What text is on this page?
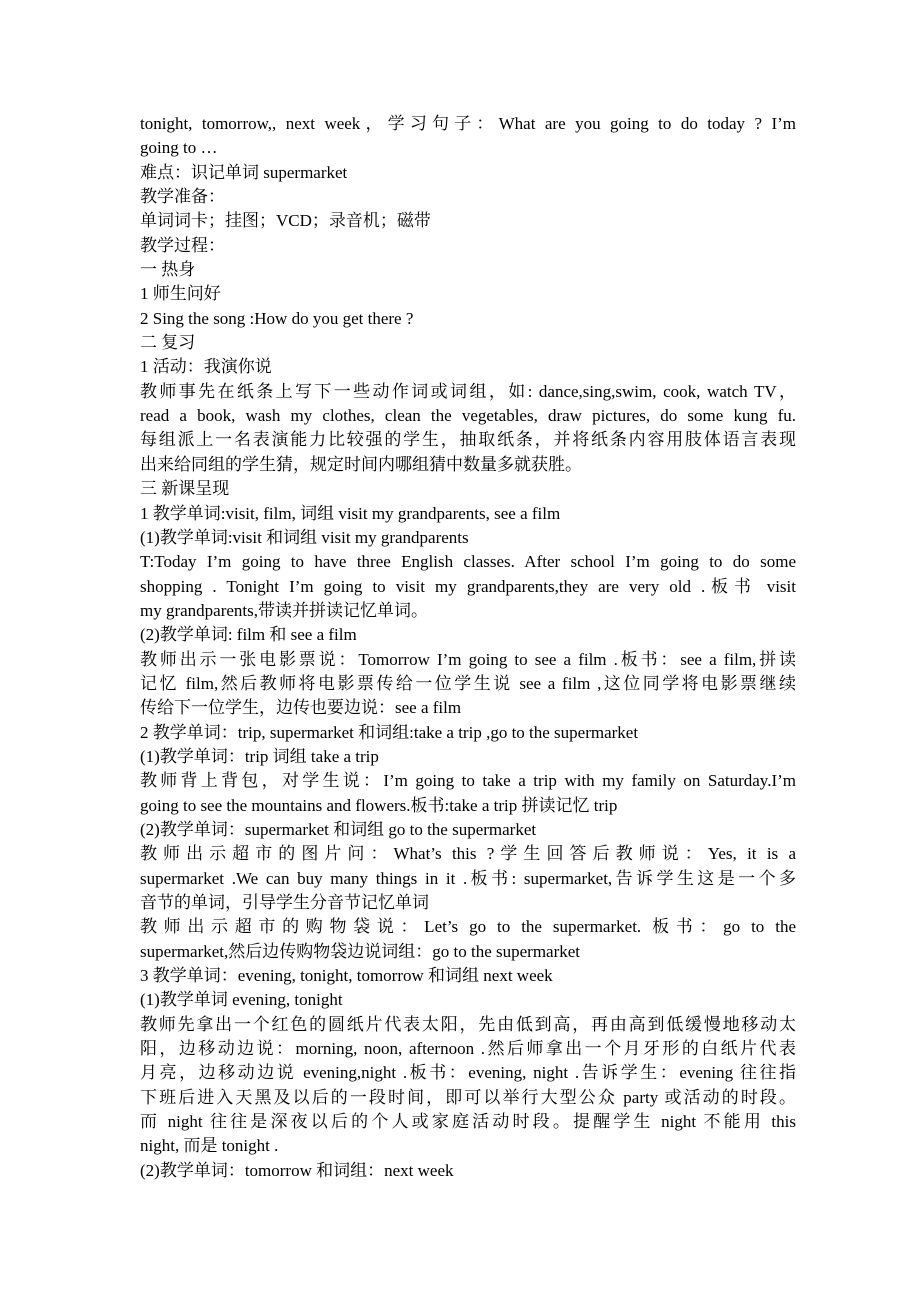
tonight, tomorrow,, next week，学习句子：What are you going to do today ? I’m
going to …
难点：识记单词 supermarket
教学准备：
单词词卡；挂图；VCD；录音机；磁带
教学过程：
一 热身
1 师生问好
2 Sing the song :How do you get there ?
二 复习
1 活动：我演你说
教师事先在纸条上写下一些动作词或词组，如: dance,sing,swim, cook, watch TV，
read a book, wash my clothes, clean the vegetables, draw pictures, do some kung fu.
每组派上一名表演能力比较强的学生，抽取纸条，并将纸条内容用肢体语言表现
出来给同组的学生猜，规定时间内哪组猜中数量多就获胜。
三 新课呈现
1 教学单词:visit, film, 词组 visit my grandparents, see a film
(1)教学单词:visit 和词组 visit my grandparents
T:Today I’m going to have three English classes. After school I’m going to do some
shopping . Tonight I’m going to visit my grandparents,they are very old .板书 visit
my grandparents,带读并拼读记忆单词。
(2)教学单词: film 和 see a film
教师出示一张电影票说：Tomorrow I’m going to see a film .板书：see a film,拼读
记忆 film,然后教师将电影票传给一位学生说 see a film ,这位同学将电影票继续
传给下一位学生，边传也要边说：see a film
2 教学单词：trip, supermarket 和词组:take a trip ,go to the supermarket
(1)教学单词：trip 词组 take a trip
教师背上背包，对学生说：I’m going to take a trip with my family on Saturday.I’m
going to see the mountains and flowers.板书:take a trip 拼读记忆 trip
(2)教学单词：supermarket 和词组 go to the supermarket
教师出示超市的图片问：What’s this ?学生回答后教师说：Yes, it is a
supermarket .We can buy many things in it .板书: supermarket,告诉学生这是一个多
音节的单词，引导学生分音节记忆单词
教师出示超市的购物袋说：Let’s go to the supermarket. 板书：go to the
supermarket,然后边传购物袋边说词组：go to the supermarket
3 教学单词：evening, tonight, tomorrow 和词组 next week
(1)教学单词 evening, tonight
教师先拿出一个红色的圆纸片代表太阳，先由低到高，再由高到低缓慢地移动太
阳，边移动边说：morning, noon, afternoon .然后师拿出一个月牙形的白纸片代表
月亮，边移动边说 evening,night .板书：evening, night .告诉学生：evening 往往指
下班后进入天黑及以后的一段时间，即可以举行大型公众 party 或活动的时段。
而 night 往往是深夜以后的个人或家庭活动时段。提醒学生 night 不能用 this
night, 而是 tonight .
(2)教学单词：tomorrow 和词组：next week
